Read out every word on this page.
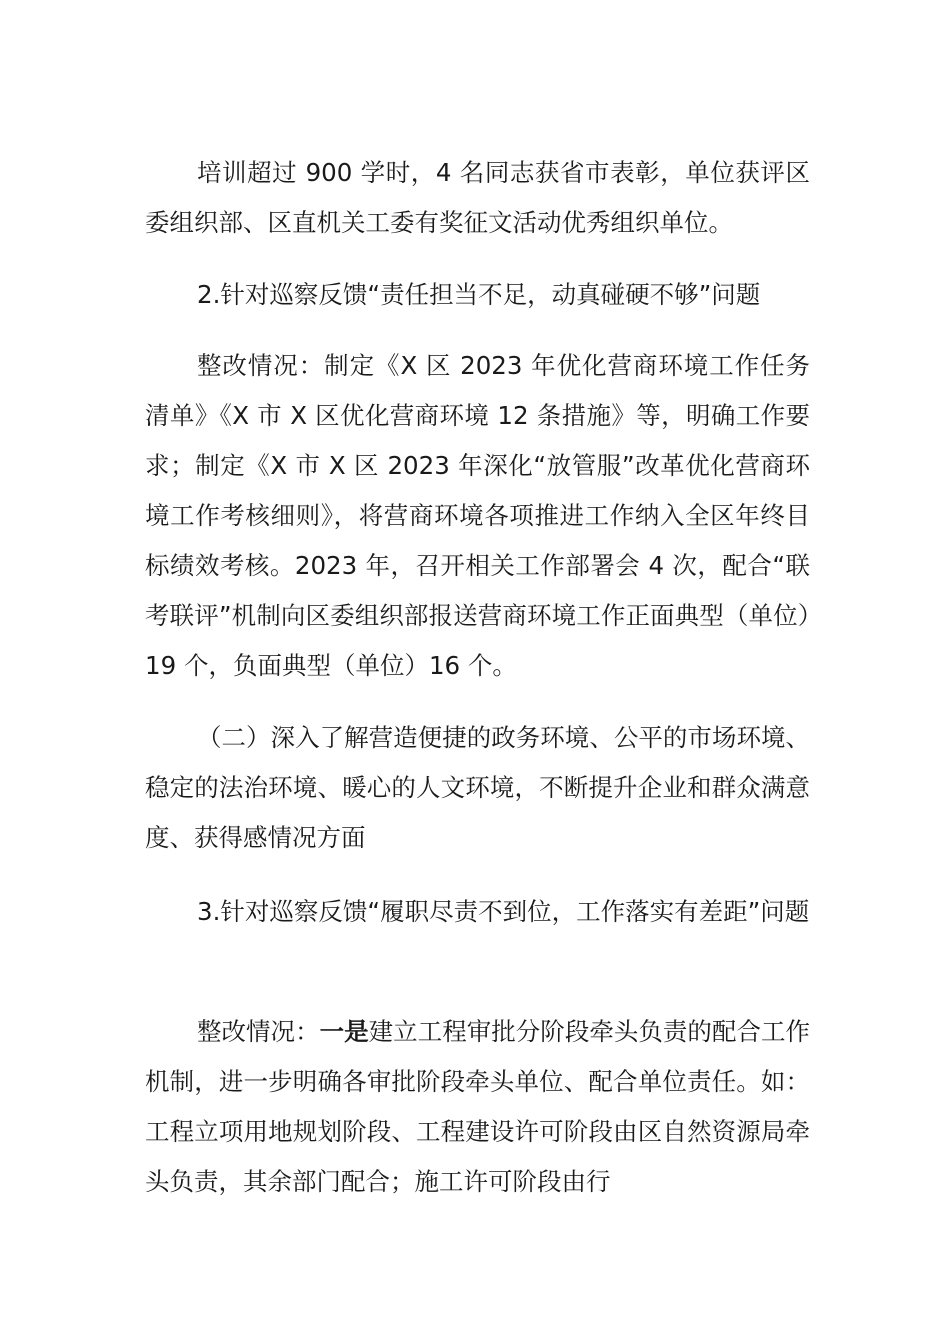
培训超过 900 学时，4 名同志获省市表彰，单位获评区委组织部、区直机关工委有奖征文活动优秀组织单位。
2.针对巡察反馈“责任担当不足，动真碰硬不够”问题
整改情况：制定《X 区 2023 年优化营商环境工作任务清单》《X 市 X 区优化营商环境 12 条措施》等，明确工作要求；制定《X 市 X 区 2023 年深化“放管服”改革优化营商环境工作考核细则》，将营商环境各项推进工作纳入全区年终目标绩效考核。2023 年，召开相关工作部署会 4 次，配合“联考联评”机制向区委组织部报送营商环境工作正面典型（单位）19 个，负面典型（单位）16 个。
（二）深入了解营造便捷的政务环境、公平的市场环境、稳定的法治环境、暖心的人文环境，不断提升企业和群众满意度、获得感情况方面
3.针对巡察反馈“履职尽责不到位，工作落实有差距”问题
整改情况：一是建立工程审批分阶段牵头负责的配合工作机制，进一步明确各审批阶段牵头单位、配合单位责任。如：工程立项用地规划阶段、工程建设许可阶段由区自然资源局牵头负责，其余部门配合；施工许可阶段由行
